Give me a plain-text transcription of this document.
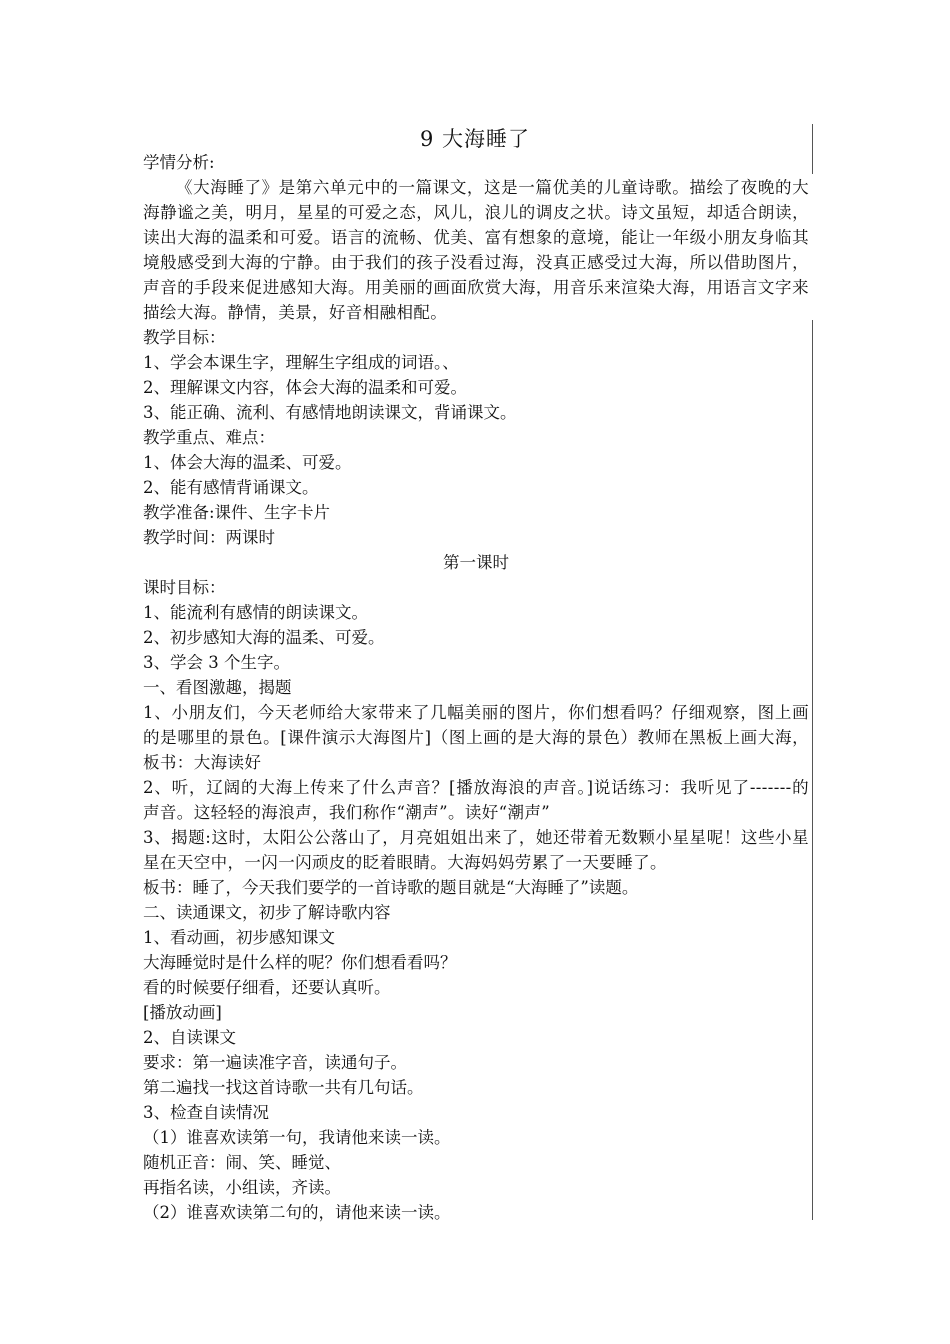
9 大海睡了

学情分析:

《大海睡了》是第六单元中的一篇课文，这是一篇优美的儿童诗歌。描绘了夜晚的大海静谧之美，明月，星星的可爱之态，风儿，浪儿的调皮之状。诗文虽短，却适合朗读，读出大海的温柔和可爱。语言的流畅、优美、富有想象的意境，能让一年级小朋友身临其境般感受到大海的宁静。由于我们的孩子没看过海，没真正感受过大海，所以借助图片，声音的手段来促进感知大海。用美丽的画面欣赏大海，用音乐来渲染大海，用语言文字来描绘大海。静情，美景，好音相融相配。

教学目标：

1、学会本课生字，理解生字组成的词语。、

2、理解课文内容，体会大海的温柔和可爱。

3、能正确、流利、有感情地朗读课文，背诵课文。

教学重点、难点：

1、体会大海的温柔、可爱。

2、能有感情背诵课文。

教学准备:课件、生字卡片

教学时间：两课时

第一课时

课时目标：

1、能流利有感情的朗读课文。

2、初步感知大海的温柔、可爱。

3、学会 3 个生字。

一、看图激趣，揭题

1、小朋友们，今天老师给大家带来了几幅美丽的图片，你们想看吗？仔细观察，图上画的是哪里的景色。[课件演示大海图片]（图上画的是大海的景色）教师在黑板上画大海，板书：大海读好

2、听，辽阔的大海上传来了什么声音？[播放海浪的声音。]说话练习：我听见了-------的声音。这轻轻的海浪声，我们称作“潮声”。读好“潮声”

3、揭题:这时，太阳公公落山了，月亮姐姐出来了，她还带着无数颗小星星呢！这些小星星在天空中，一闪一闪顽皮的眨着眼睛。大海妈妈劳累了一天要睡了。

板书：睡了，今天我们要学的一首诗歌的题目就是“大海睡了”读题。

二、读通课文，初步了解诗歌内容

1、看动画，初步感知课文

大海睡觉时是什么样的呢？你们想看看吗？

看的时候要仔细看，还要认真听。

[播放动画]

2、自读课文

要求：第一遍读准字音，读通句子。

第二遍找一找这首诗歌一共有几句话。

3、检查自读情况

（1）谁喜欢读第一句，我请他来读一读。

随机正音：闹、笑、睡觉、

再指名读，小组读，齐读。

（2）谁喜欢读第二句的，请他来读一读。
